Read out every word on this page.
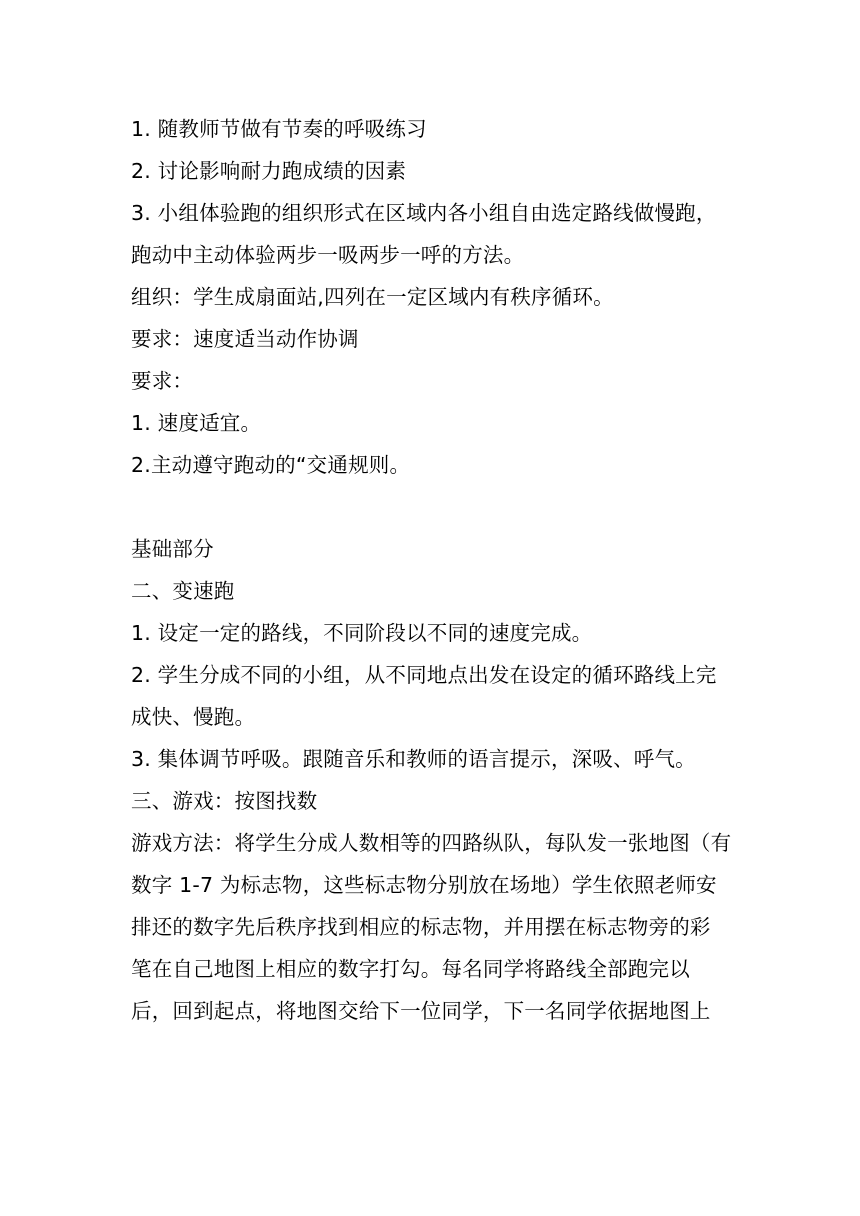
1. 随教师节做有节奏的呼吸练习
2. 讨论影响耐力跑成绩的因素
3. 小组体验跑的组织形式在区域内各小组自由选定路线做慢跑，
跑动中主动体验两步一吸两步一呼的方法。
组织：学生成扇面站,四列在一定区域内有秩序循环。
要求：速度适当动作协调
要求：
1. 速度适宜。
2.主动遵守跑动的“交通规则。
基础部分
二、变速跑
1. 设定一定的路线，不同阶段以不同的速度完成。
2. 学生分成不同的小组，从不同地点出发在设定的循环路线上完
成快、慢跑。
3. 集体调节呼吸。跟随音乐和教师的语言提示，深吸、呼气。
三、游戏：按图找数
游戏方法：将学生分成人数相等的四路纵队，每队发一张地图（有
数字 1-7 为标志物，这些标志物分别放在场地）学生依照老师安
排还的数字先后秩序找到相应的标志物，并用摆在标志物旁的彩
笔在自己地图上相应的数字打勾。每名同学将路线全部跑完以
后，回到起点，将地图交给下一位同学，下一名同学依据地图上
